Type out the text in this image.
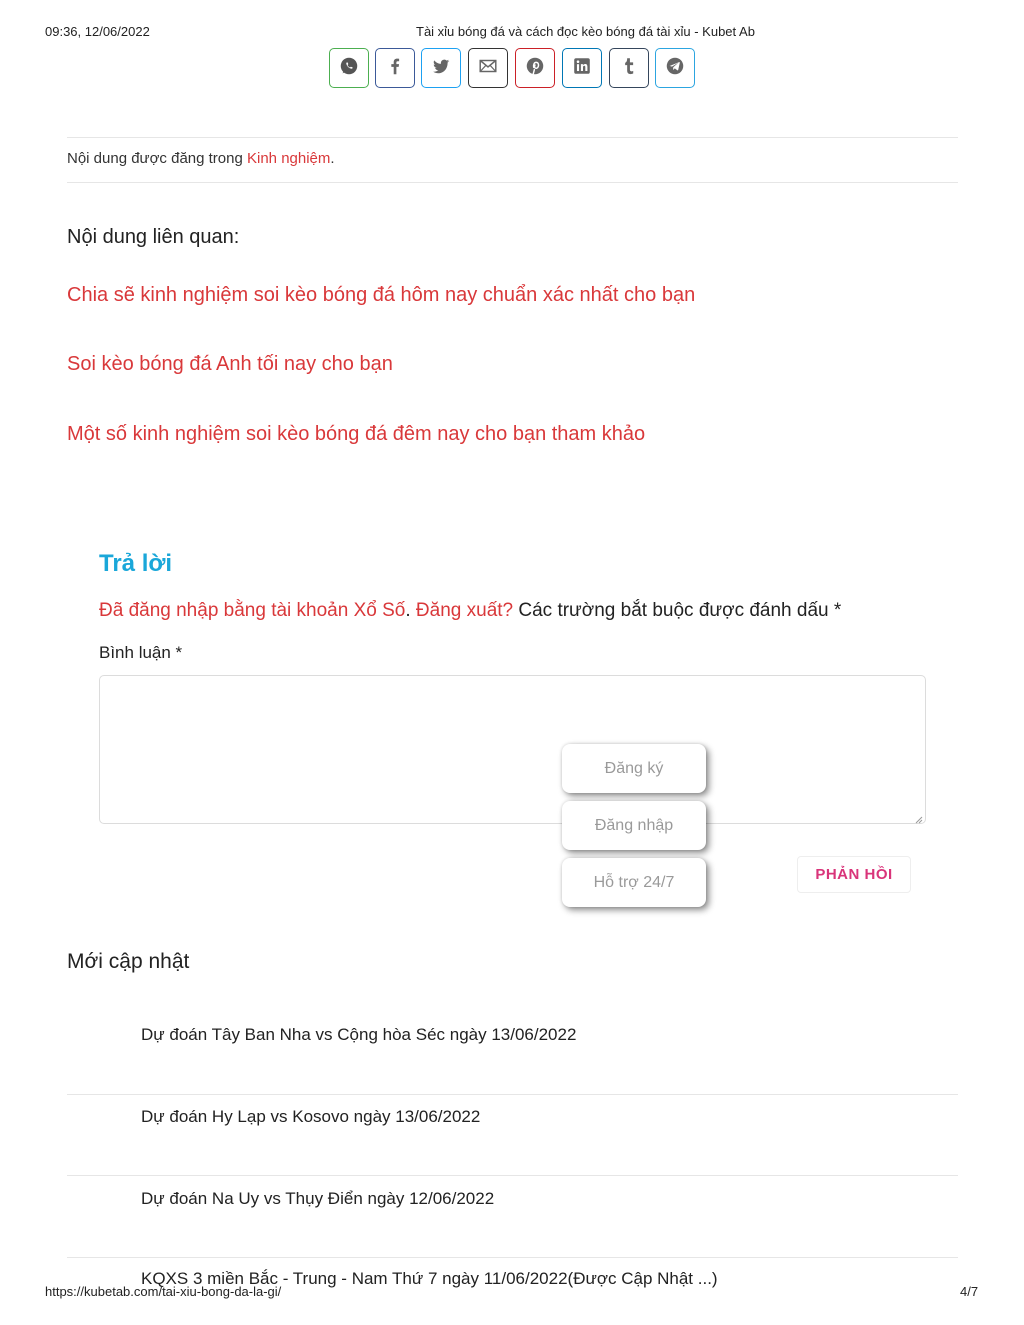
09:36, 12/06/2022	Tài xỉu bóng đá và cách đọc kèo bóng đá tài xỉu - Kubet Ab
Nội dung được đăng trong Kinh nghiệm.
Nội dung liên quan:
Chia sẽ kinh nghiệm soi kèo bóng đá hôm nay chuẩn xác nhất cho bạn
Soi kèo bóng đá Anh tối nay cho bạn
Một số kinh nghiệm soi kèo bóng đá đêm nay cho bạn tham khảo
Trả lời
Đã đăng nhập bằng tài khoản Xổ Số. Đăng xuất? Các trường bắt buộc được đánh dấu *
Bình luận *
Đăng ký
Đăng nhập
Hỗ trợ 24/7	PHẢN HỒI
Mới cập nhật
Dự đoán Tây Ban Nha vs Cộng hòa Séc ngày 13/06/2022
Dự đoán Hy Lạp vs Kosovo ngày 13/06/2022
Dự đoán Na Uy vs Thụy Điển ngày 12/06/2022
KQXS 3 miền Bắc - Trung - Nam Thứ 7 ngày 11/06/2022(Được Cập Nhật ...)
https://kubetab.com/tai-xiu-bong-da-la-gi/	4/7
